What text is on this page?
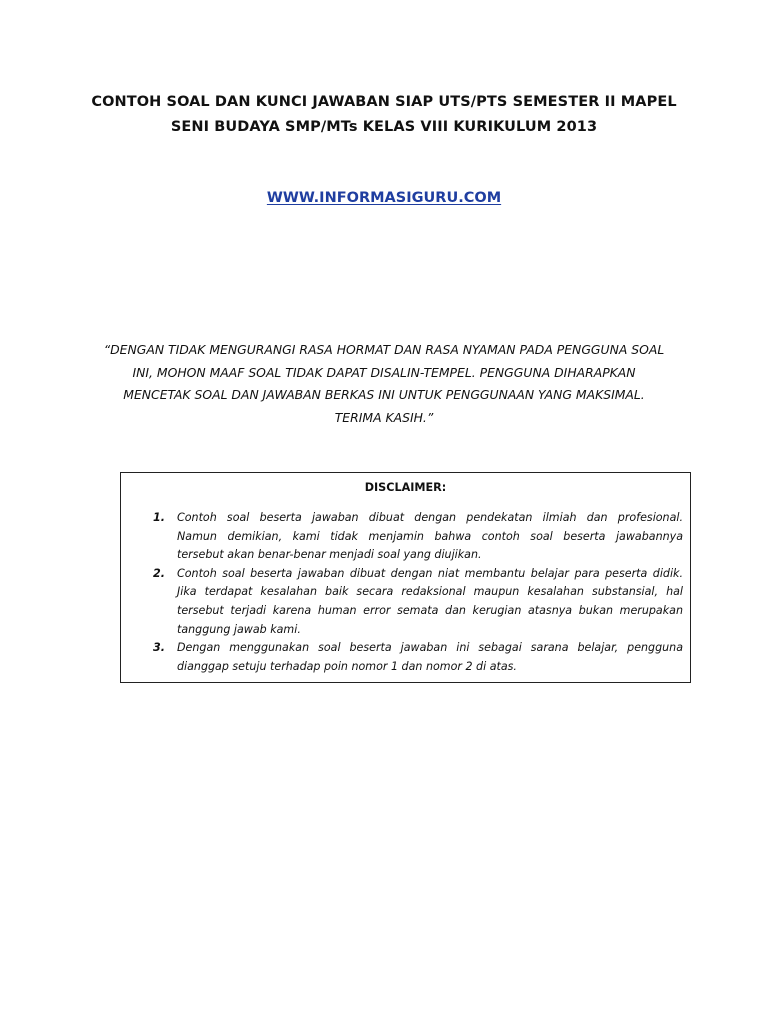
CONTOH SOAL DAN KUNCI JAWABAN SIAP UTS/PTS SEMESTER II MAPEL
SENI BUDAYA SMP/MTs KELAS VIII KURIKULUM 2013
WWW.INFORMASIGURU.COM
“DENGAN TIDAK MENGURANGI RASA HORMAT DAN RASA NYAMAN PADA PENGGUNA SOAL
INI, MOHON MAAF SOAL TIDAK DAPAT DISALIN-TEMPEL. PENGGUNA DIHARAPKAN
MENCETAK SOAL DAN JAWABAN BERKAS INI UNTUK PENGGUNAAN YANG MAKSIMAL.
TERIMA KASIH.”
DISCLAIMER:
1. Contoh soal beserta jawaban dibuat dengan pendekatan ilmiah dan profesional.
Namun demikian, kami tidak menjamin bahwa contoh soal beserta jawabannya
tersebut akan benar-benar menjadi soal yang diujikan.
2. Contoh soal beserta jawaban dibuat dengan niat membantu belajar para peserta didik.
Jika terdapat kesalahan baik secara redaksional maupun kesalahan substansial, hal
tersebut terjadi karena human error semata dan kerugian atasnya bukan merupakan
tanggung jawab kami.
3. Dengan menggunakan soal beserta jawaban ini sebagai sarana belajar, pengguna
dianggap setuju terhadap poin nomor 1 dan nomor 2 di atas.
